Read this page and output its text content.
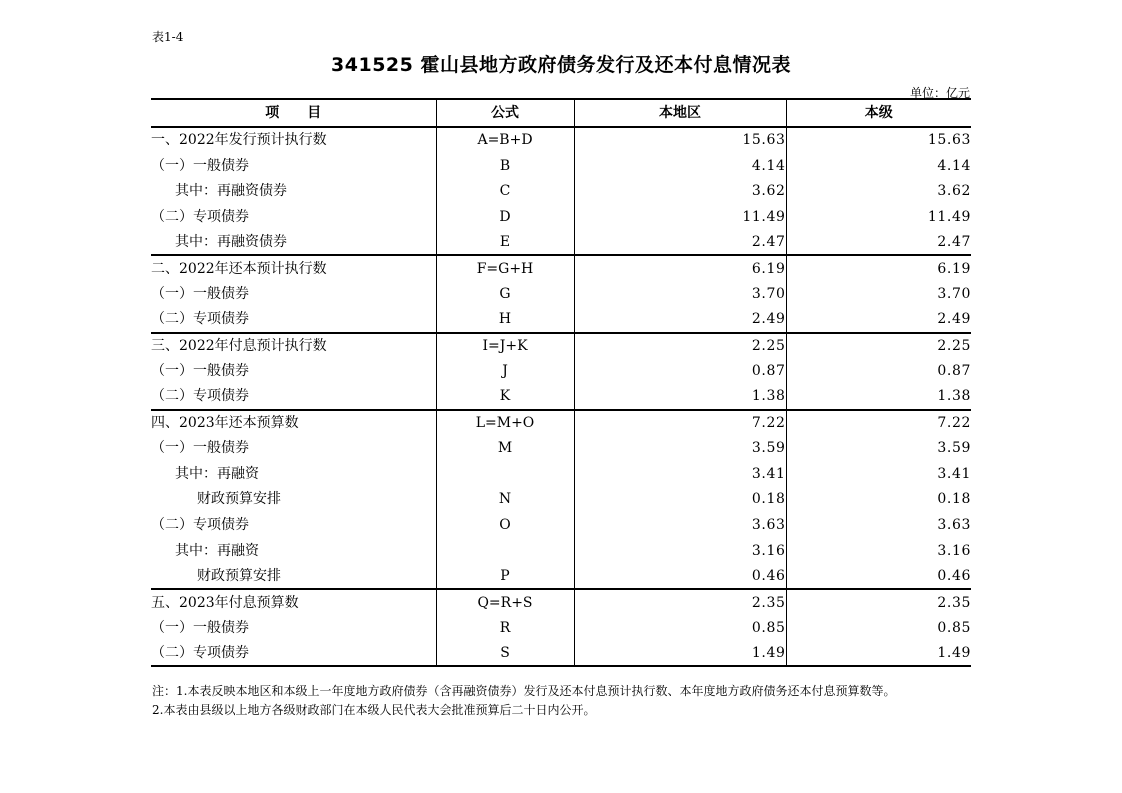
表1-4
341525 霍山县地方政府债务发行及还本付息情况表
单位：亿元
项　　目	公式	本地区	本级
一、2022年发行预计执行数	A=B+D	15.63	15.63
（一）一般债券	B	4.14	4.14
其中：再融资债券	C	3.62	3.62
（二）专项债券	D	11.49	11.49
其中：再融资债券	E	2.47	2.47
二、2022年还本预计执行数	F=G+H	6.19	6.19
（一）一般债券	G	3.70	3.70
（二）专项债券	H	2.49	2.49
三、2022年付息预计执行数	I=J+K	2.25	2.25
（一）一般债券	J	0.87	0.87
（二）专项债券	K	1.38	1.38
四、2023年还本预算数	L=M+O	7.22	7.22
（一）一般债券	M	3.59	3.59
其中：再融资		3.41	3.41
财政预算安排	N	0.18	0.18
（二）专项债券	O	3.63	3.63
其中：再融资		3.16	3.16
财政预算安排	P	0.46	0.46
五、2023年付息预算数	Q=R+S	2.35	2.35
（一）一般债券	R	0.85	0.85
（二）专项债券	S	1.49	1.49
注：1.本表反映本地区和本级上一年度地方政府债券（含再融资债券）发行及还本付息预计执行数、本年度地方政府债务还本付息预算数等。
2.本表由县级以上地方各级财政部门在本级人民代表大会批准预算后二十日内公开。
